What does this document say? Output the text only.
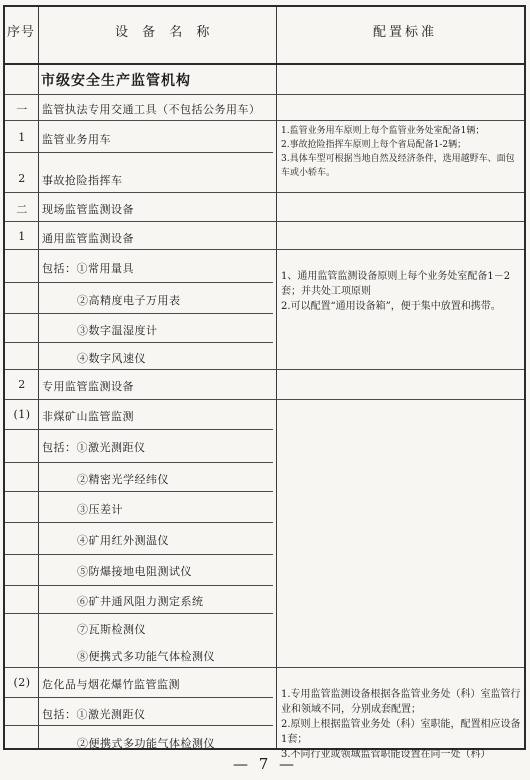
序号	设 备 名 称	配置标准
市级安全生产监管机构
一
1
2
二
1
2
(1)
(2)
监管执法专用交通工具（不包括公务用车）
监管业务用车
事故抢险指挥车
现场监管监测设备
通用监管监测设备
包括：①常用量具
②高精度电子万用表
③数字温湿度计
④数字风速仪
专用监管监测设备
非煤矿山监管监测
包括：①激光测距仪
②精密光学经纬仪
③压差计
④矿用红外测温仪
⑤防爆接地电阻测试仪
⑥矿井通风阻力测定系统
⑦瓦斯检测仪
⑧便携式多功能气体检测仪
危化品与烟花爆竹监管监测
包括：①激光测距仪
②便携式多功能气体检测仪

1.监管业务用车原则上每个监管业务处室配备1辆；

2.事故抢险指挥车原则上每个省局配备1-2辆；

3.具体车型可根据当地自然及经济条件，选用越野车、面包车或小轿车。

1、通用监管监测设备原则上每个业务处室配备1－2套；并共处工项原则

2.可以配置“通用设备箱”，便于集中放置和携带。

1.专用监管监测设备根据各监管业务处（科）室监管行业和领域不同，分别成套配置；

2.原则上根据监管业务处（科）室职能，配置相应设备1套；

3.不同行业或领域监管职能设置在同一处（科）

— 7 —
